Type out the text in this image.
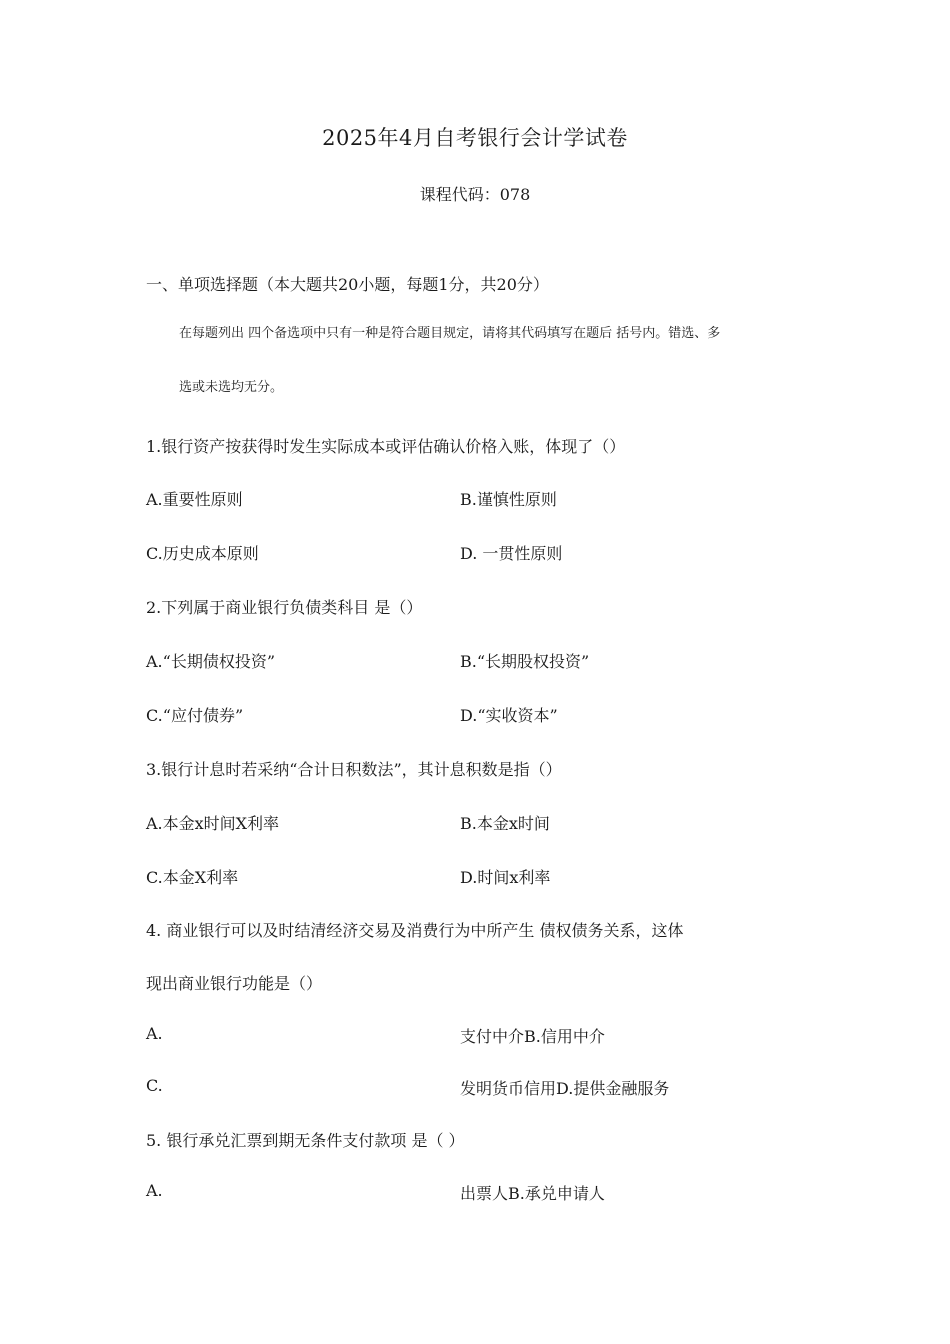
2025年4月自考银行会计学试卷
课程代码：078
一、单项选择题（本大题共20小题，每题1分，共20分）
在每题列出 四个备选项中只有一种是符合题目规定，请将其代码填写在题后 括号内。错选、多
选或未选均无分。
1.银行资产按获得时发生实际成本或评估确认价格入账，体现了（）
A.重要性原则	B.谨慎性原则
C.历史成本原则	D. 一贯性原则
2.下列属于商业银行负债类科目 是（）
A.“长期债权投资”	B.“长期股权投资”
C.“应付债券”	D.“实收资本”
3.银行计息时若采纳“合计日积数法”，其计息积数是指（）
A.本金x时间X利率	B.本金x时间
C.本金X利率	D.时间x利率
4. 商业银行可以及时结清经济交易及消费行为中所产生 债权债务关系，这体
现出商业银行功能是（）
A.	支付中介B.信用中介
C.	发明货币信用D.提供金融服务
5. 银行承兑汇票到期无条件支付款项 是（ ）
A.	出票人B.承兑申请人
